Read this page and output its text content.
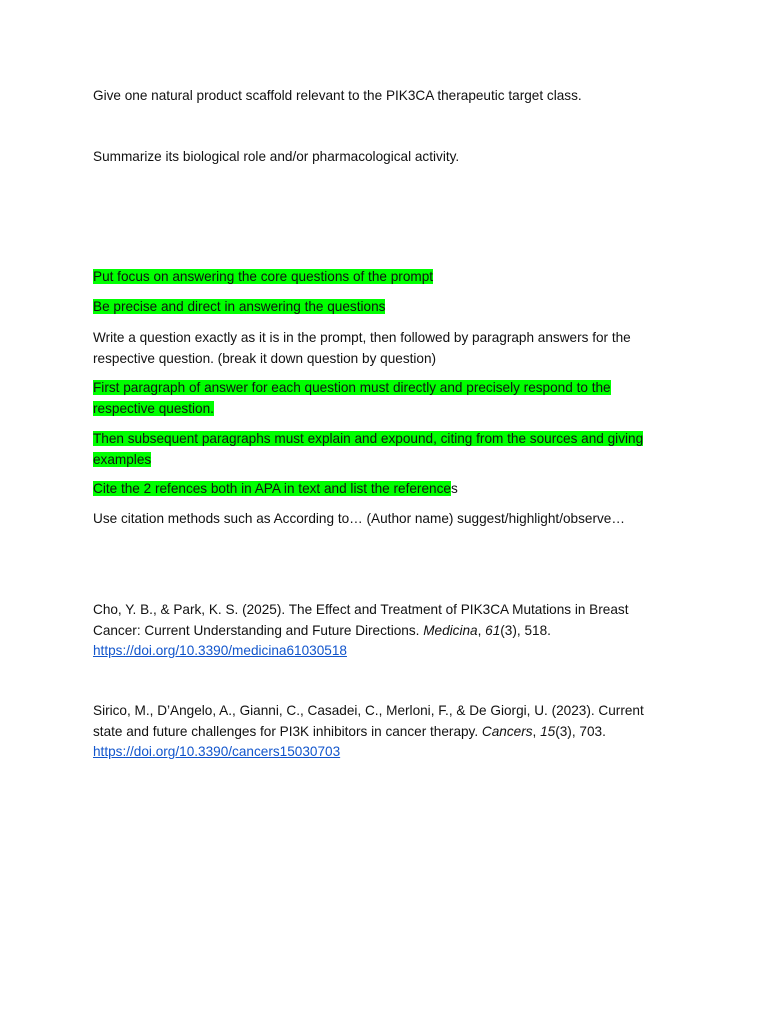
Give one natural product scaffold relevant to the PIK3CA therapeutic target class.

Summarize its biological role and/or pharmacological activity.

Put focus on answering the core questions of the prompt

Be precise and direct in answering the questions

Write a question exactly as it is in the prompt, then followed by paragraph answers for the respective question. (break it down question by question)

First paragraph of answer for each question must directly and precisely respond to the respective question.

Then subsequent paragraphs must explain and expound, citing from the sources and giving examples

Cite the 2 refences both in APA in text and list the references

Use citation methods such as According to… (Author name) suggest/highlight/observe…

Cho, Y. B., & Park, K. S. (2025). The Effect and Treatment of PIK3CA Mutations in Breast Cancer: Current Understanding and Future Directions. Medicina, 61(3), 518.
https://doi.org/10.3390/medicina61030518

Sirico, M., D’Angelo, A., Gianni, C., Casadei, C., Merloni, F., & De Giorgi, U. (2023). Current state and future challenges for PI3K inhibitors in cancer therapy. Cancers, 15(3), 703.
https://doi.org/10.3390/cancers15030703
